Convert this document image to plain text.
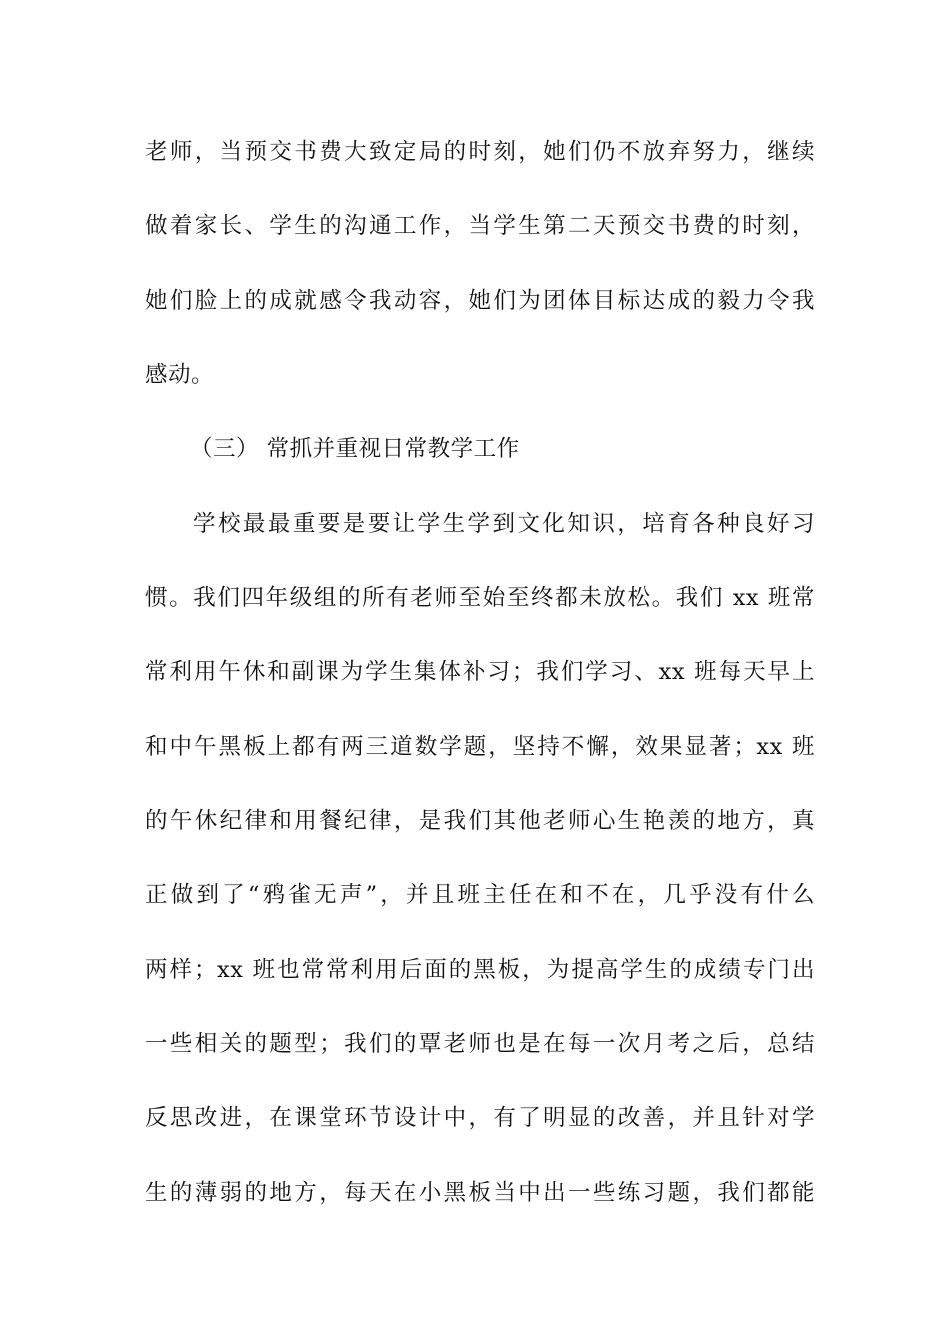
老师，当预交书费大致定局的时刻，她们仍不放弃努力，继续
做着家长、学生的沟通工作，当学生第二天预交书费的时刻，
她们脸上的成就感令我动容，她们为团体目标达成的毅力令我
感动。
（三） 常抓并重视日常教学工作
学校最最重要是要让学生学到文化知识，培育各种良好习
惯。我们四年级组的所有老师至始至终都未放松。我们 xx 班常
常利用午休和副课为学生集体补习；我们学习、xx 班每天早上
和中午黑板上都有两三道数学题，坚持不懈，效果显著；xx 班
的午休纪律和用餐纪律，是我们其他老师心生艳羡的地方，真
正做到了“鸦雀无声”，并且班主任在和不在，几乎没有什么
两样；xx 班也常常利用后面的黑板，为提高学生的成绩专门出
一些相关的题型；我们的覃老师也是在每一次月考之后，总结
反思改进，在课堂环节设计中，有了明显的改善，并且针对学
生的薄弱的地方，每天在小黑板当中出一些练习题，我们都能
